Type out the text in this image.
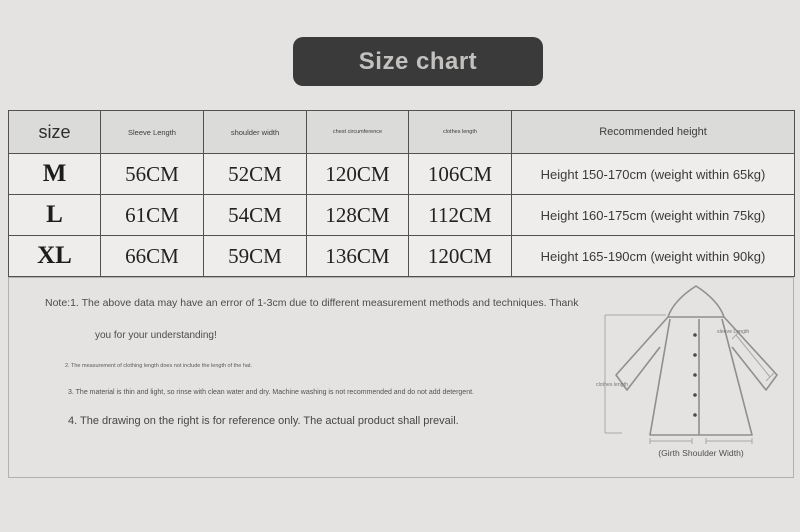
Size chart
size	Sleeve Length	shoulder width	chest circumference	clothes length	Recommended height
M	56CM	52CM	120CM	106CM	Height 150-170cm (weight within 65kg)
L	61CM	54CM	128CM	112CM	Height 160-175cm (weight within 75kg)
XL	66CM	59CM	136CM	120CM	Height 165-190cm (weight within 90kg)
Note:1. The above data may have an error of 1-3cm due to different measurement methods and techniques. Thank
you for your understanding!
2. The measurement of clothing length does not include the length of the hat.
3. The material is thin and light, so rinse with clean water and dry. Machine washing is not recommended and do not add detergent.
4. The drawing on the right is for reference only. The actual product shall prevail.
clothes length
sleeve Length
(Girth Shoulder Width)
